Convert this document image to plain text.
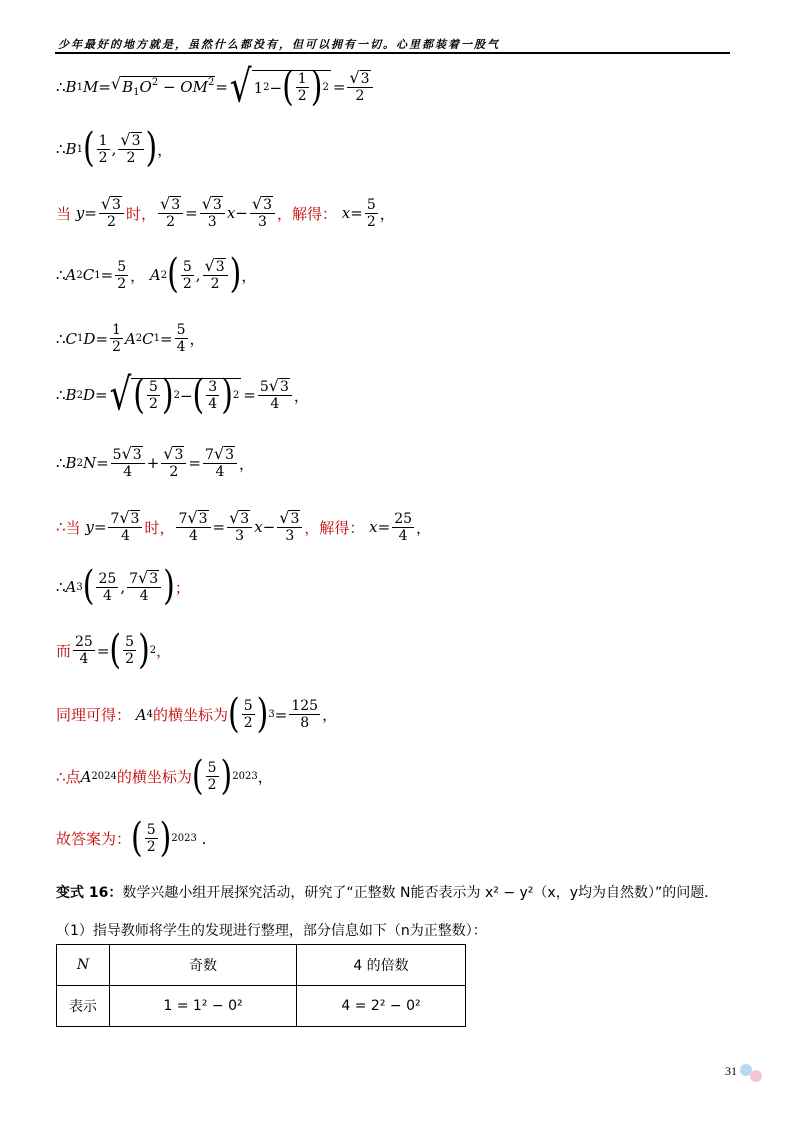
少年最好的地方就是，虽然什么都没有，但可以拥有一切。心里都装着一股气
∴ B 1 M = √ $B_1O^2 - OM^2$ = √ 1 2 − ( $\frac{1}{2}$ ) $2 = \frac{√ 3}{2}$
∴ B 1 ( $\frac{1}{2}$ , $\frac{√ 3}{2}$ ) ，
当 $y = \frac{√ 3}{2}$ 时， $\frac{√ 3}{2} = \frac{√ 3}{3}$ $x - \frac{√ 3}{3}$ ，解得： $x = \frac{5}{2}$ ，
∴ A 2 C $1 = \frac{5}{2}$ ， A 2 ( $\frac{5}{2}$ , $\frac{√ 3}{2}$ ) ，
∴ C 1 $D = \frac{1}{2}$ A 2 C $1 = \frac{5}{4}$ ，
∴ B 2 D = √ ( $\frac{5}{2}$ ) 2 − ( $\frac{3}{4}$ ) $2 = \frac{5 √ 3}{4}$ ，
∴ B 2 $N = \frac{5 √ 3}{4} + \frac{√ 3}{2} = \frac{7 √ 3}{4}$ ，
∴ 当 $y = \frac{7 √ 3}{4}$ 时， $\frac{7 √ 3}{4} = \frac{√ 3}{3}$ $x - \frac{√ 3}{3}$ ，解得： $x = \frac{25}{4}$ ，
∴ A 3 ( $\frac{25}{4}$ , $\frac{7 √ 3}{4}$ ) ；
而 $\frac{25}{4}$ = ( $\frac{5}{2}$ ) 2 ，
同理可得： A 4 的横坐标为 ( $\frac{5}{2}$ ) $3 = \frac{125}{8}$ ，
∴ 点 A 2024 的横坐标为 ( $\frac{5}{2}$ ) 2023 ，
故答案为： ( $\frac{5}{2}$ ) 2023 .
变式 16：数学兴趣小组开展探究活动，研究了“正整数 N能否表示为 x² − y²（x，y均为自然数）”的问题．
（1）指导教师将学生的发现进行整理，部分信息如下（n为正整数）：
N	奇数	4 的倍数
表示	1 = 1² − 0²	4 = 2² − 0²
31
